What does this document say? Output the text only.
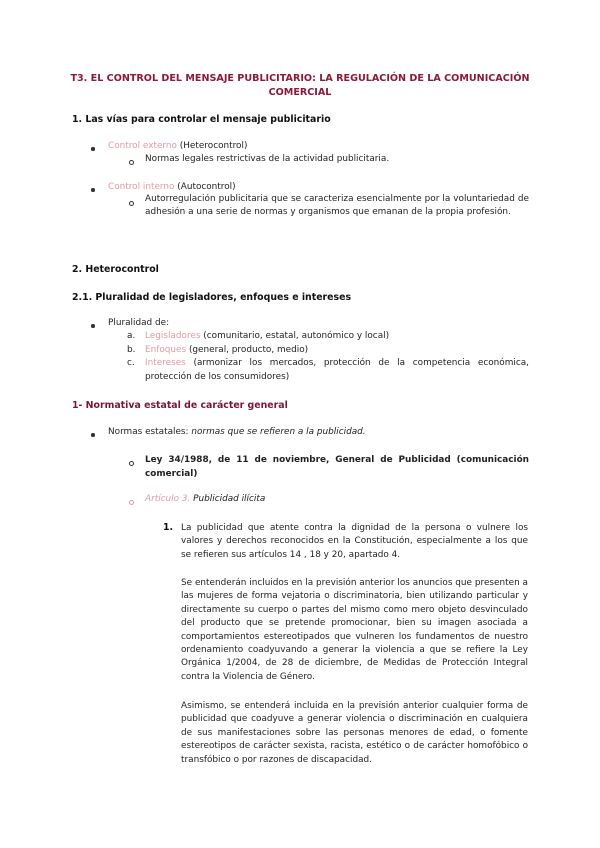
T3. EL CONTROL DEL MENSAJE PUBLICITARIO: LA REGULACIÓN DE LA COMUNICACIÓN COMERCIAL
1. Las vías para controlar el mensaje publicitario
Control externo (Heterocontrol)
Normas legales restrictivas de la actividad publicitaria.
Control interno (Autocontrol)
Autorregulación publicitaria que se caracteriza esencialmente por la voluntariedad de adhesión a una serie de normas y organismos que emanan de la propia profesión.
2. Heterocontrol
2.1. Pluralidad de legisladores, enfoques e intereses
Pluralidad de:
a. Legisladores (comunitario, estatal, autonómico y local)
b. Enfoques (general, producto, medio)
c. Intereses (armonizar los mercados, protección de la competencia económica,
protección de los consumidores)
1- Normativa estatal de carácter general
Normas estatales: normas que se refieren a la publicidad.
Ley 34/1988, de 11 de noviembre, General de Publicidad (comunicación
comercial)
Artículo 3. Publicidad ilícita
1. La publicidad que atente contra la dignidad de la persona o vulnere los valores y derechos reconocidos en la Constitución, especialmente a los que se refieren sus artículos 14 , 18 y 20, apartado 4.
Se entenderán incluidos en la previsión anterior los anuncios que presenten a las mujeres de forma vejatoria o discriminatoria, bien utilizando particular y directamente su cuerpo o partes del mismo como mero objeto desvinculado del producto que se pretende promocionar, bien su imagen asociada a comportamientos estereotipados que vulneren los fundamentos de nuestro ordenamiento coadyuvando a generar la violencia a que se refiere la Ley Orgánica 1/2004, de 28 de diciembre, de Medidas de Protección Integral contra la Violencia de Género.
Asimismo, se entenderá incluida en la previsión anterior cualquier forma de publicidad que coadyuve a generar violencia o discriminación en cualquiera de sus manifestaciones sobre las personas menores de edad, o fomente estereotipos de carácter sexista, racista, estético o de carácter homofóbico o transfóbico o por razones de discapacidad.
